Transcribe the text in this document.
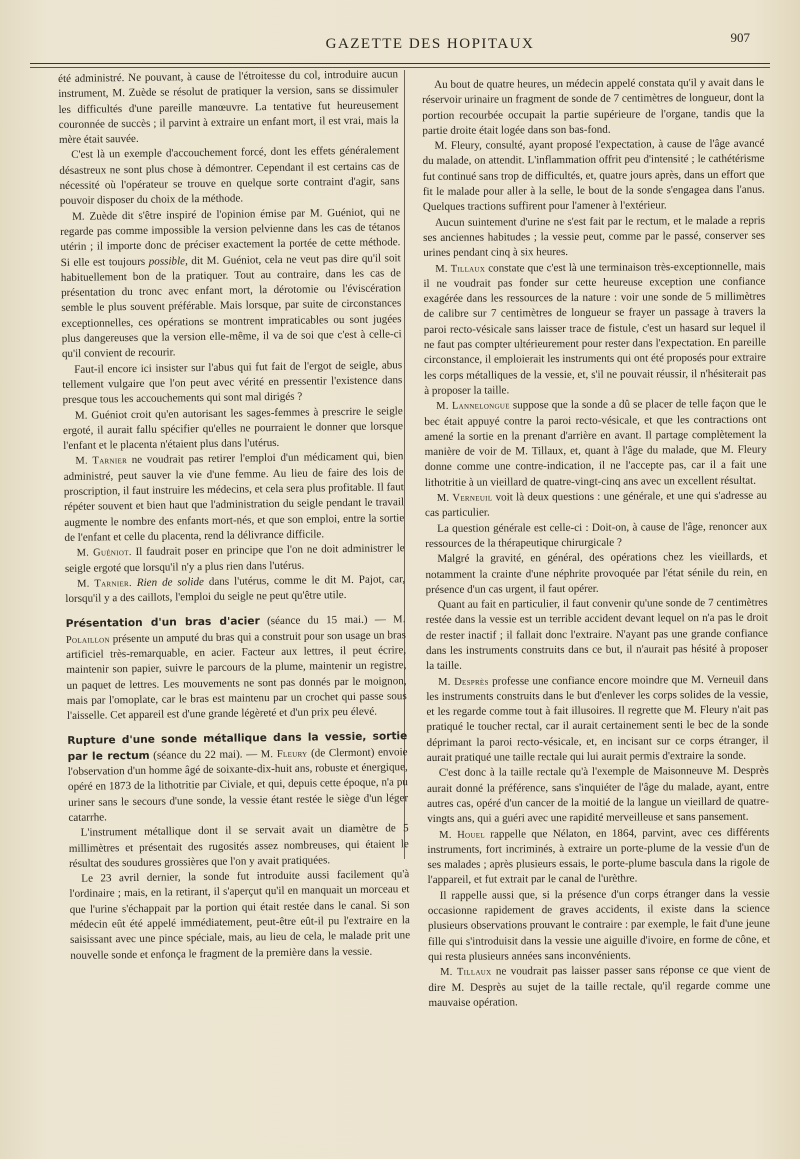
GAZETTE DES HOPITAUX	907

été administré. Ne pouvant, à cause de l'étroitesse du col, introduire aucun instrument, M. Zuède se résolut de pratiquer la version, sans se dissimuler les difficultés d'une pareille manœuvre. La tentative fut heureusement couronnée de succès ; il parvint à extraire un enfant mort, il est vrai, mais la mère était sauvée.

C'est là un exemple d'accouchement forcé, dont les effets généralement désastreux ne sont plus chose à démontrer. Cependant il est certains cas de nécessité où l'opérateur se trouve en quelque sorte contraint d'agir, sans pouvoir disposer du choix de la méthode.

M. Zuède dit s'être inspiré de l'opinion émise par M. Guéniot, qui ne regarde pas comme impossible la version pelvienne dans les cas de tétanos utérin ; il importe donc de préciser exactement la portée de cette méthode. Si elle est toujours possible, dit M. Guéniot, cela ne veut pas dire qu'il soit habituellement bon de la pratiquer. Tout au contraire, dans les cas de présentation du tronc avec enfant mort, la dérotomie ou l'éviscération semble le plus souvent préférable. Mais lorsque, par suite de circonstances exceptionnelles, ces opérations se montrent impraticables ou sont jugées plus dangereuses que la version elle-même, il va de soi que c'est à celle-ci qu'il convient de recourir.

Faut-il encore ici insister sur l'abus qui fut fait de l'ergot de seigle, abus tellement vulgaire que l'on peut avec vérité en pressentir l'existence dans presque tous les accouchements qui sont mal dirigés ?

M. Guéniot croit qu'en autorisant les sages-femmes à prescrire le seigle ergoté, il aurait fallu spécifier qu'elles ne pourraient le donner que lorsque l'enfant et le placenta n'étaient plus dans l'utérus.

M. Tarnier ne voudrait pas retirer l'emploi d'un médicament qui, bien administré, peut sauver la vie d'une femme. Au lieu de faire des lois de proscription, il faut instruire les médecins, et cela sera plus profitable. Il faut répéter souvent et bien haut que l'administration du seigle pendant le travail augmente le nombre des enfants mort-nés, et que son emploi, entre la sortie de l'enfant et celle du placenta, rend la délivrance difficile.

M. Guéniot. Il faudrait poser en principe que l'on ne doit administrer le seigle ergoté que lorsqu'il n'y a plus rien dans l'utérus.

M. Tarnier. Rien de solide dans l'utérus, comme le dit M. Pajot, car, lorsqu'il y a des caillots, l'emploi du seigle ne peut qu'être utile.

Présentation d'un bras d'acier (séance du 15 mai.) — M. Polaillon présente un amputé du bras qui a construit pour son usage un bras artificiel très-remarquable, en acier. Facteur aux lettres, il peut écrire, maintenir son papier, suivre le parcours de la plume, maintenir un registre, un paquet de lettres. Les mouvements ne sont pas donnés par le moignon, mais par l'omoplate, car le bras est maintenu par un crochet qui passe sous l'aisselle. Cet appareil est d'une grande légèreté et d'un prix peu élevé.

Rupture d'une sonde métallique dans la vessie, sortie par le rectum (séance du 22 mai). — M. Fleury (de Clermont) envoie l'observation d'un homme âgé de soixante-dix-huit ans, robuste et énergique, opéré en 1873 de la lithotritie par Civiale, et qui, depuis cette époque, n'a pu uriner sans le secours d'une sonde, la vessie étant restée le siège d'un léger catarrhe.

L'instrument métallique dont il se servait avait un diamètre de 5 millimètres et présentait des rugosités assez nombreuses, qui étaient le résultat des soudures grossières que l'on y avait pratiquées.

Le 23 avril dernier, la sonde fut introduite aussi facilement qu'à l'ordinaire ; mais, en la retirant, il s'aperçut qu'il en manquait un morceau et que l'urine s'échappait par la portion qui était restée dans le canal. Si son médecin eût été appelé immédiatement, peut-être eût-il pu l'extraire en la saisissant avec une pince spéciale, mais, au lieu de cela, le malade prit une nouvelle sonde et enfonça le fragment de la première dans la vessie.

Au bout de quatre heures, un médecin appelé constata qu'il y avait dans le réservoir urinaire un fragment de sonde de 7 centimètres de longueur, dont la portion recourbée occupait la partie supérieure de l'organe, tandis que la partie droite était logée dans son bas-fond.

M. Fleury, consulté, ayant proposé l'expectation, à cause de l'âge avancé du malade, on attendit. L'inflammation offrit peu d'intensité ; le cathétérisme fut continué sans trop de difficultés, et, quatre jours après, dans un effort que fit le malade pour aller à la selle, le bout de la sonde s'engagea dans l'anus. Quelques tractions suffirent pour l'amener à l'extérieur.

Aucun suintement d'urine ne s'est fait par le rectum, et le malade a repris ses anciennes habitudes ; la vessie peut, comme par le passé, conserver ses urines pendant cinq à six heures.

M. Tillaux constate que c'est là une terminaison très-exceptionnelle, mais il ne voudrait pas fonder sur cette heureuse exception une confiance exagérée dans les ressources de la nature : voir une sonde de 5 millimètres de calibre sur 7 centimètres de longueur se frayer un passage à travers la paroi recto-vésicale sans laisser trace de fistule, c'est un hasard sur lequel il ne faut pas compter ultérieurement pour rester dans l'expectation. En pareille circonstance, il emploierait les instruments qui ont été proposés pour extraire les corps métalliques de la vessie, et, s'il ne pouvait réussir, il n'hésiterait pas à proposer la taille.

M. Lannelongue suppose que la sonde a dû se placer de telle façon que le bec était appuyé contre la paroi recto-vésicale, et que les contractions ont amené la sortie en la prenant d'arrière en avant. Il partage complètement la manière de voir de M. Tillaux, et, quant à l'âge du malade, que M. Fleury donne comme une contre-indication, il ne l'accepte pas, car il a fait une lithotritie à un vieillard de quatre-vingt-cinq ans avec un excellent résultat.

M. Verneuil voit là deux questions : une générale, et une qui s'adresse au cas particulier.

La question générale est celle-ci : Doit-on, à cause de l'âge, renoncer aux ressources de la thérapeutique chirurgicale ?

Malgré la gravité, en général, des opérations chez les vieillards, et notamment la crainte d'une néphrite provoquée par l'état sénile du rein, en présence d'un cas urgent, il faut opérer.

Quant au fait en particulier, il faut convenir qu'une sonde de 7 centimètres restée dans la vessie est un terrible accident devant lequel on n'a pas le droit de rester inactif ; il fallait donc l'extraire. N'ayant pas une grande confiance dans les instruments construits dans ce but, il n'aurait pas hésité à proposer la taille.

M. Desprès professe une confiance encore moindre que M. Verneuil dans les instruments construits dans le but d'enlever les corps solides de la vessie, et les regarde comme tout à fait illusoires. Il regrette que M. Fleury n'ait pas pratiqué le toucher rectal, car il aurait certainement senti le bec de la sonde déprimant la paroi recto-vésicale, et, en incisant sur ce corps étranger, il aurait pratiqué une taille rectale qui lui aurait permis d'extraire la sonde.

C'est donc à la taille rectale qu'à l'exemple de Maisonneuve M. Desprès aurait donné la préférence, sans s'inquiéter de l'âge du malade, ayant, entre autres cas, opéré d'un cancer de la moitié de la langue un vieillard de quatre-vingts ans, qui a guéri avec une rapidité merveilleuse et sans pansement.

M. Houel rappelle que Nélaton, en 1864, parvint, avec ces différents instruments, fort incriminés, à extraire un porte-plume de la vessie d'un de ses malades ; après plusieurs essais, le porte-plume bascula dans la rigole de l'appareil, et fut extrait par le canal de l'urèthre.

Il rappelle aussi que, si la présence d'un corps étranger dans la vessie occasionne rapidement de graves accidents, il existe dans la science plusieurs observations prouvant le contraire : par exemple, le fait d'une jeune fille qui s'introduisit dans la vessie une aiguille d'ivoire, en forme de cône, et qui resta plusieurs années sans inconvénients.

M. Tillaux ne voudrait pas laisser passer sans réponse ce que vient de dire M. Desprès au sujet de la taille rectale, qu'il regarde comme une mauvaise opération.
